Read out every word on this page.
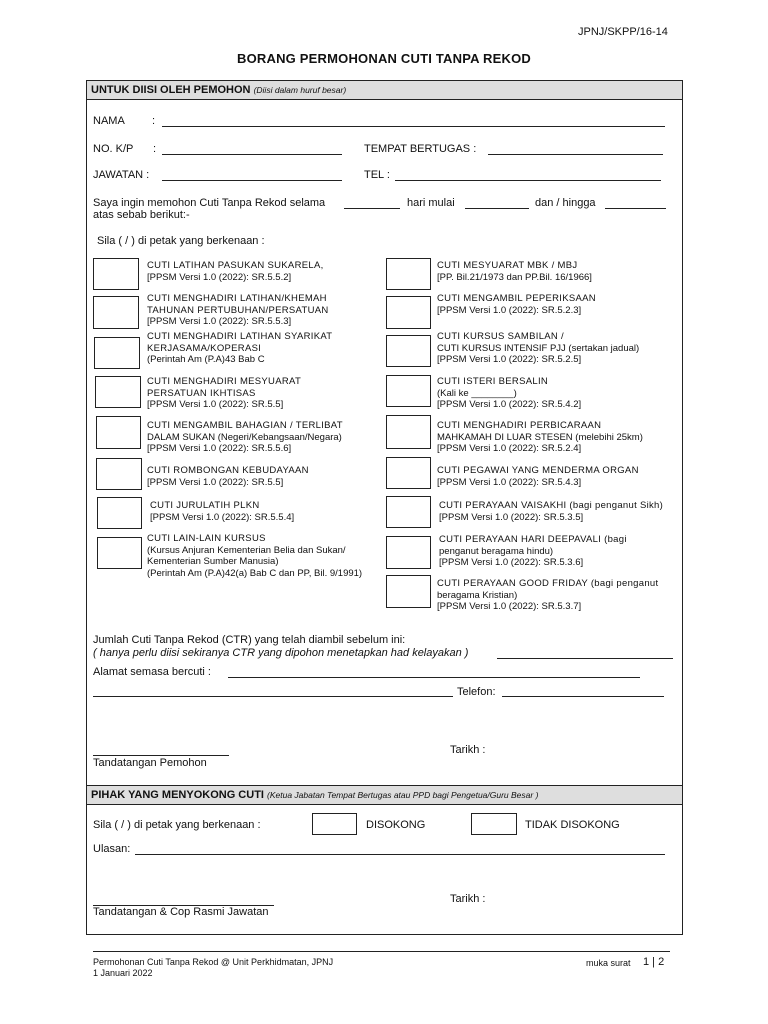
JPNJ/SKPP/16-14
BORANG PERMOHONAN CUTI TANPA REKOD
UNTUK DIISI OLEH PEMOHON (Diisi dalam huruf besar)
NAMA :
NO. K/P :	TEMPAT BERTUGAS :
JAWATAN :	TEL :
Saya ingin memohon Cuti Tanpa Rekod selama	hari mulai	dan / hingga
atas sebab berikut:-
Sila ( / ) di petak yang berkenaan :
CUTI LATIHAN PASUKAN SUKARELA,
[PPSM Versi 1.0 (2022): SR.5.5.2]
CUTI MENGHADIRI LATIHAN/KHEMAH
TAHUNAN PERTUBUHAN/PERSATUAN
[PPSM Versi 1.0 (2022): SR.5.5.3]
CUTI MENGHADIRI LATIHAN SYARIKAT
KERJASAMA/KOPERASI
(Perintah Am (P.A)43 Bab C
CUTI MENGHADIRI MESYUARAT
PERSATUAN IKHTISAS
[PPSM Versi 1.0 (2022): SR.5.5]
CUTI MENGAMBIL BAHAGIAN / TERLIBAT
DALAM SUKAN (Negeri/Kebangsaan/Negara)
[PPSM Versi 1.0 (2022): SR.5.5.6]
CUTI ROMBONGAN KEBUDAYAAN
[PPSM Versi 1.0 (2022): SR.5.5]
CUTI JURULATIH PLKN
[PPSM Versi 1.0 (2022): SR.5.5.4]
CUTI LAIN-LAIN KURSUS
(Kursus Anjuran Kementerian Belia dan Sukan/
Kementerian Sumber Manusia)
(Perintah Am (P.A)42(a) Bab C dan PP, Bil. 9/1991)
CUTI MESYUARAT MBK / MBJ
[PP. Bil.21/1973 dan PP.Bil. 16/1966]
CUTI MENGAMBIL PEPERIKSAAN
[PPSM Versi 1.0 (2022): SR.5.2.3]
CUTI KURSUS SAMBILAN /
CUTI KURSUS INTENSIF PJJ (sertakan jadual)
[PPSM Versi 1.0 (2022): SR.5.2.5]
CUTI ISTERI BERSALIN
(Kali ke ________)
[PPSM Versi 1.0 (2022): SR.5.4.2]
CUTI MENGHADIRI PERBICARAAN
MAHKAMAH DI LUAR STESEN (melebihi 25km)
[PPSM Versi 1.0 (2022): SR.5.2.4]
CUTI PEGAWAI YANG MENDERMA ORGAN
[PPSM Versi 1.0 (2022): SR.5.4.3]
CUTI PERAYAAN VAISAKHI (bagi penganut Sikh)
[PPSM Versi 1.0 (2022): SR.5.3.5]
CUTI PERAYAAN HARI DEEPAVALI (bagi
penganut beragama hindu)
[PPSM Versi 1.0 (2022): SR.5.3.6]
CUTI PERAYAAN GOOD FRIDAY (bagi penganut
beragama Kristian)
[PPSM Versi 1.0 (2022): SR.5.3.7]
Jumlah Cuti Tanpa Rekod (CTR) yang telah diambil sebelum ini:
( hanya perlu diisi sekiranya CTR yang dipohon menetapkan had kelayakan )
Alamat semasa bercuti :
Telefon:
Tandatangan Pemohon
Tarikh :
PIHAK YANG MENYOKONG CUTI (Ketua Jabatan Tempat Bertugas atau PPD bagi Pengetua/Guru Besar )
Sila ( / ) di petak yang berkenaan :	DISOKONG	TIDAK DISOKONG
Ulasan:
Tandatangan & Cop Rasmi Jawatan
Tarikh :
Permohonan Cuti Tanpa Rekod @ Unit Perkhidmatan, JPNJ
1 Januari 2022
muka surat 1 | 2
